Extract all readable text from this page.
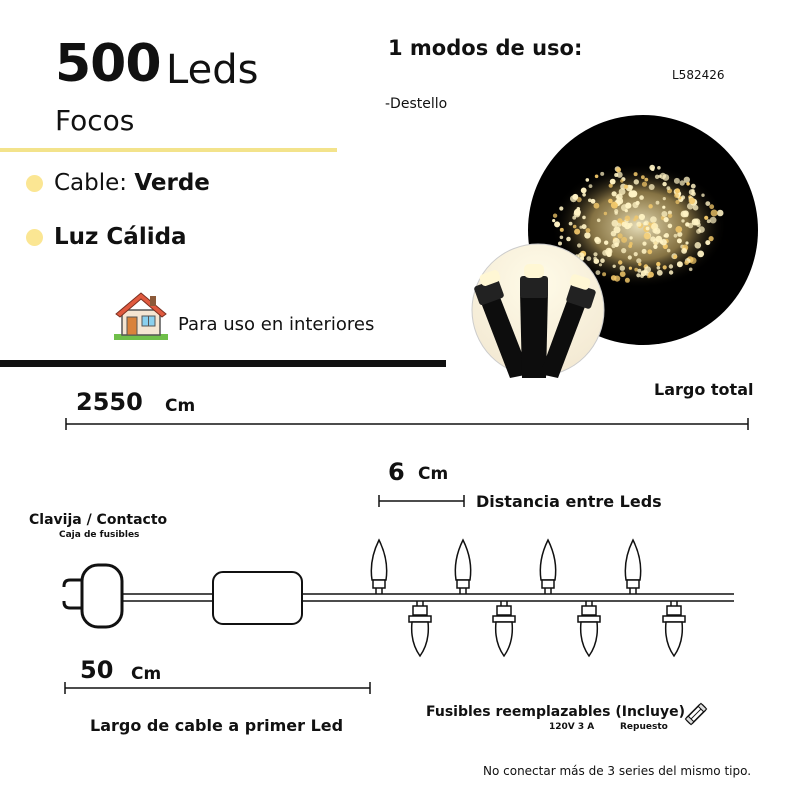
500 Leds
Focos
Cable: Verde
Luz Cálida
Para uso en interiores
1 modos de uso:
L582426
-Destello
2550 Cm
Largo total
6 Cm
Distancia entre Leds
Clavija / Contacto
Caja de fusibles
50 Cm
Largo de cable a primer Led
Fusibles reemplazables (Incluye)
120V 3 A	Repuesto
No conectar más de 3 series del mismo tipo.
